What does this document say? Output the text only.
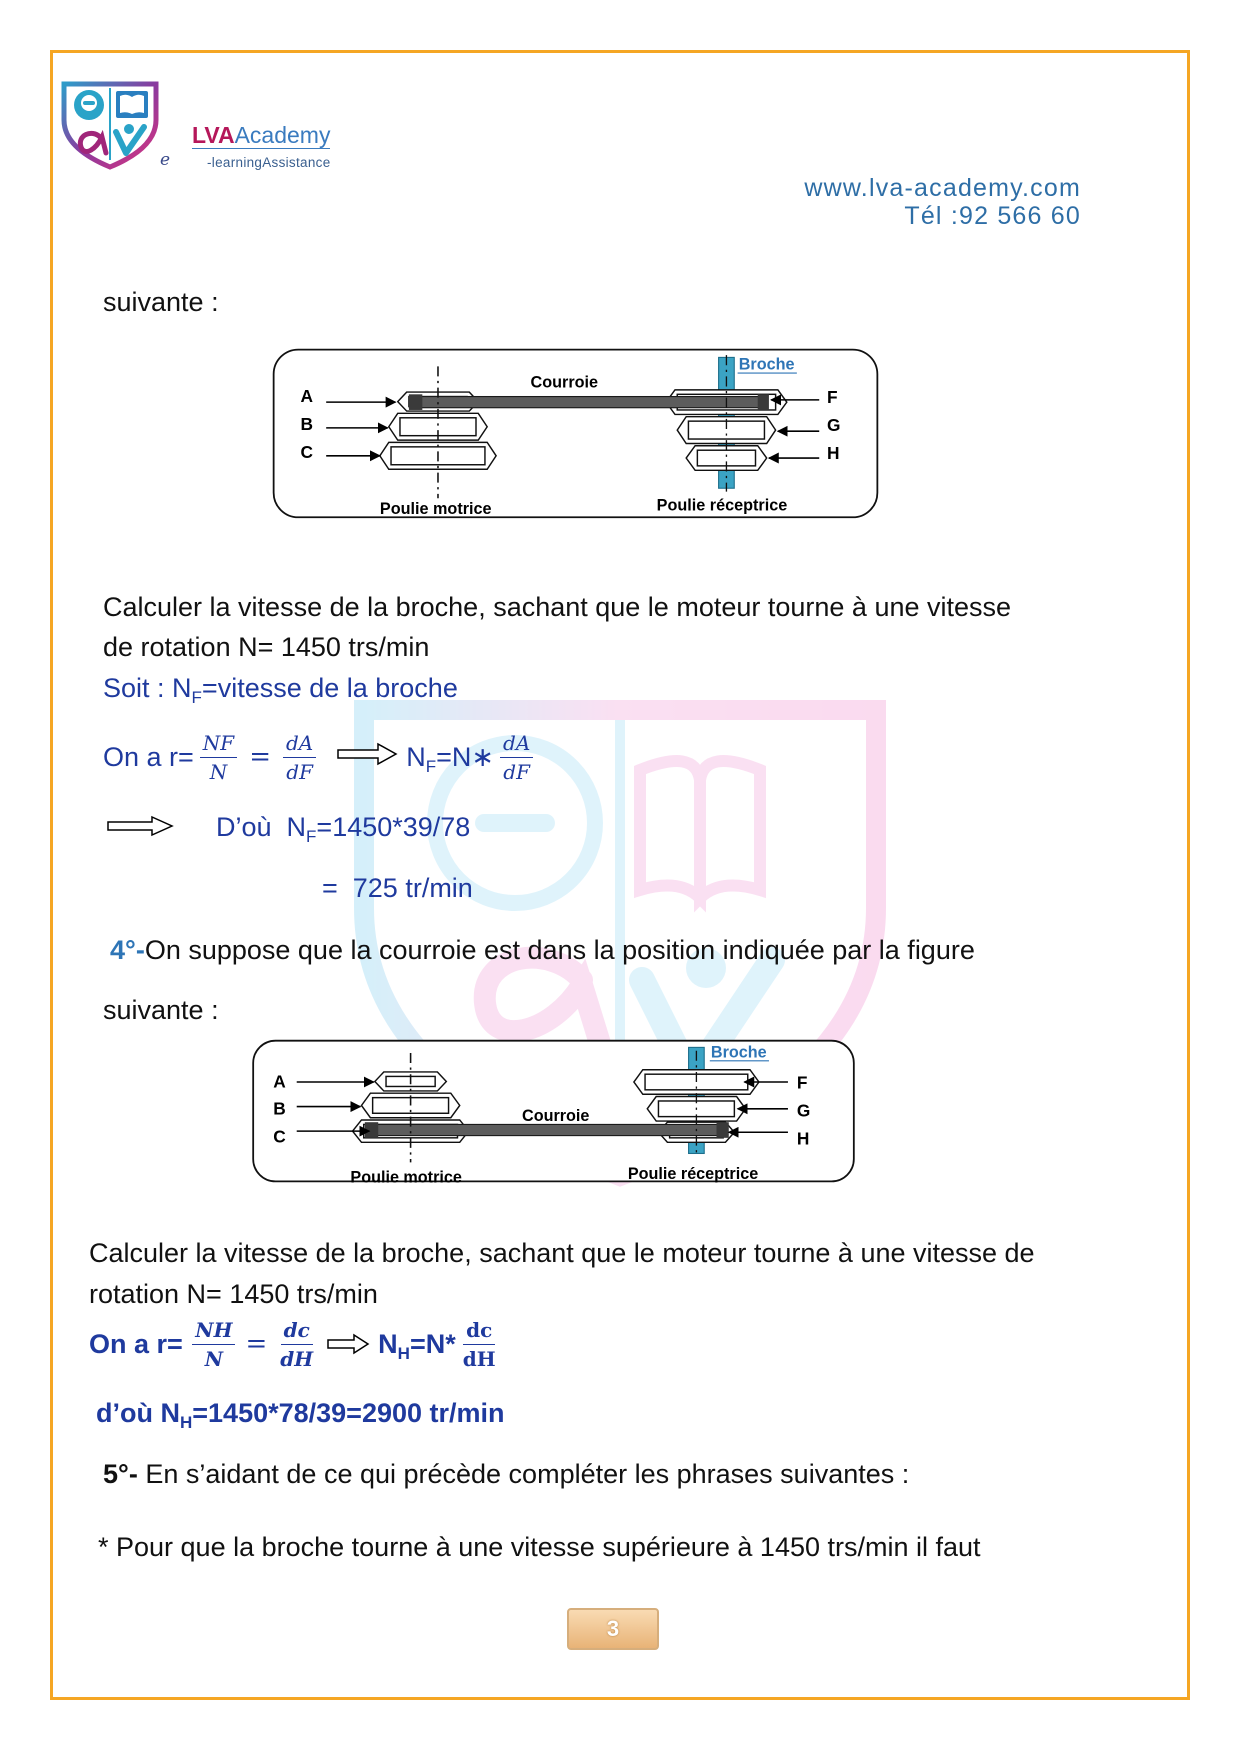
LVAAcademy
e	-learningAssistance
www.lva-academy.com
Tél :92 566 60
suivante :
A
B
C
F
G
H
Courroie
Broche
Poulie motrice	Poulie réceptrice
Calculer la vitesse de la broche, sachant que le moteur tourne à une vitesse
de rotation N= 1450 trs/min
Soit : $N_F=vitesse$ de la broche
On a $r= \frac{NF}{N} = \frac{dA}{dF}$	$N_F=N∗ \frac{dA}{dF}$
D’où  $N_F=1450*39/78$
=  725 tr/min
4°-On suppose que la courroie est dans la position indiquée par la figure
suivante :
A
B
C
F
G
H
Courroie
Broche
Poulie motrice	Poulie réceptrice
Calculer la vitesse de la broche, sachant que le moteur tourne à une vitesse de
rotation N= 1450 trs/min
On a $r= \frac{NH}{N} = \frac{dc}{dH} N_H=N* \frac{dc}{dH}$
d’où $N_H=1450*78/39=2900$ tr/min
5°- En s’aidant de ce qui précède compléter les phrases suivantes :
* Pour que la broche tourne à une vitesse supérieure à 1450 trs/min il faut
3
